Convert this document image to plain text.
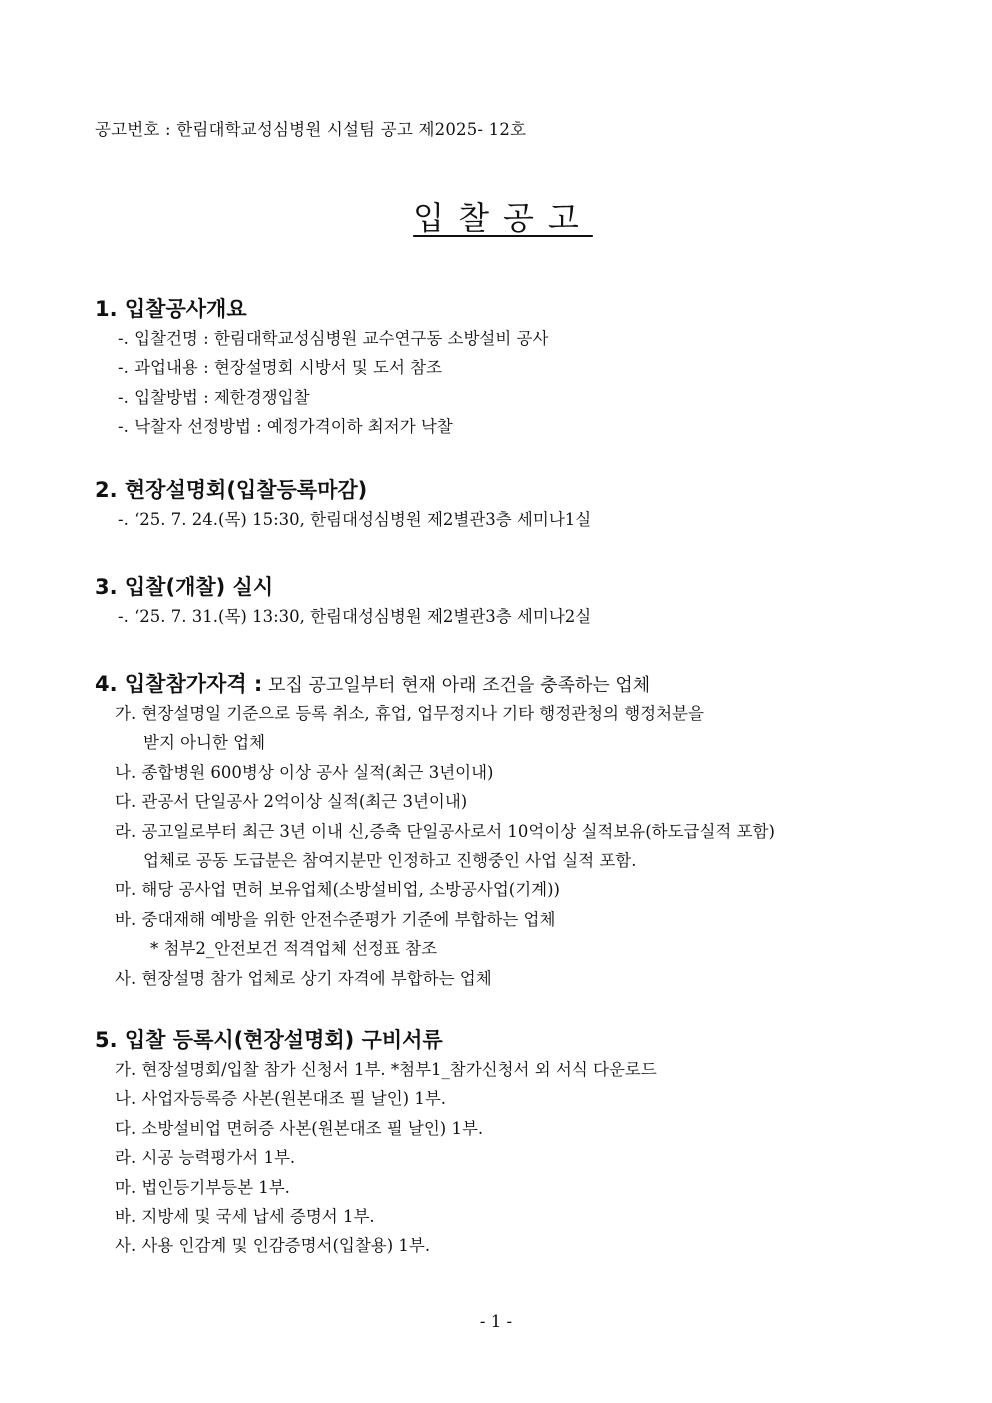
공고번호 : 한림대학교성심병원 시설팀 공고 제2025- 12호
입찰공고
1. 입찰공사개요
-. 입찰건명 : 한림대학교성심병원 교수연구동 소방설비 공사
-. 과업내용 : 현장설명회 시방서 및 도서 참조
-. 입찰방법 : 제한경쟁입찰
-. 낙찰자 선정방법 : 예정가격이하 최저가 낙찰
2. 현장설명회(입찰등록마감)
-. ‘25. 7. 24.(목) 15:30, 한림대성심병원 제2별관3층 세미나1실
3. 입찰(개찰) 실시
-. ‘25. 7. 31.(목) 13:30, 한림대성심병원 제2별관3층 세미나2실
4. 입찰참가자격 : 모집 공고일부터 현재 아래 조건을 충족하는 업체
가. 현장설명일 기준으로 등록 취소, 휴업, 업무정지나 기타 행정관청의 행정처분을
받지 아니한 업체
나. 종합병원 600병상 이상 공사 실적(최근 3년이내)
다. 관공서 단일공사 2억이상 실적(최근 3년이내)
라. 공고일로부터 최근 3년 이내 신,증축 단일공사로서 10억이상 실적보유(하도급실적 포함)
업체로 공동 도급분은 참여지분만 인정하고 진행중인 사업 실적 포함.
마. 해당 공사업 면허 보유업체(소방설비업, 소방공사업(기계))
바. 중대재해 예방을 위한 안전수준평가 기준에 부합하는 업체
* 첨부2_안전보건 적격업체 선정표 참조
사. 현장설명 참가 업체로 상기 자격에 부합하는 업체
5. 입찰 등록시(현장설명회) 구비서류
가. 현장설명회/입찰 참가 신청서 1부. *첨부1_참가신청서 외 서식 다운로드
나. 사업자등록증 사본(원본대조 필 날인) 1부.
다. 소방설비업 면허증 사본(원본대조 필 날인) 1부.
라. 시공 능력평가서 1부.
마. 법인등기부등본 1부.
바. 지방세 및 국세 납세 증명서 1부.
사. 사용 인감계 및 인감증명서(입찰용) 1부.
- 1 -
